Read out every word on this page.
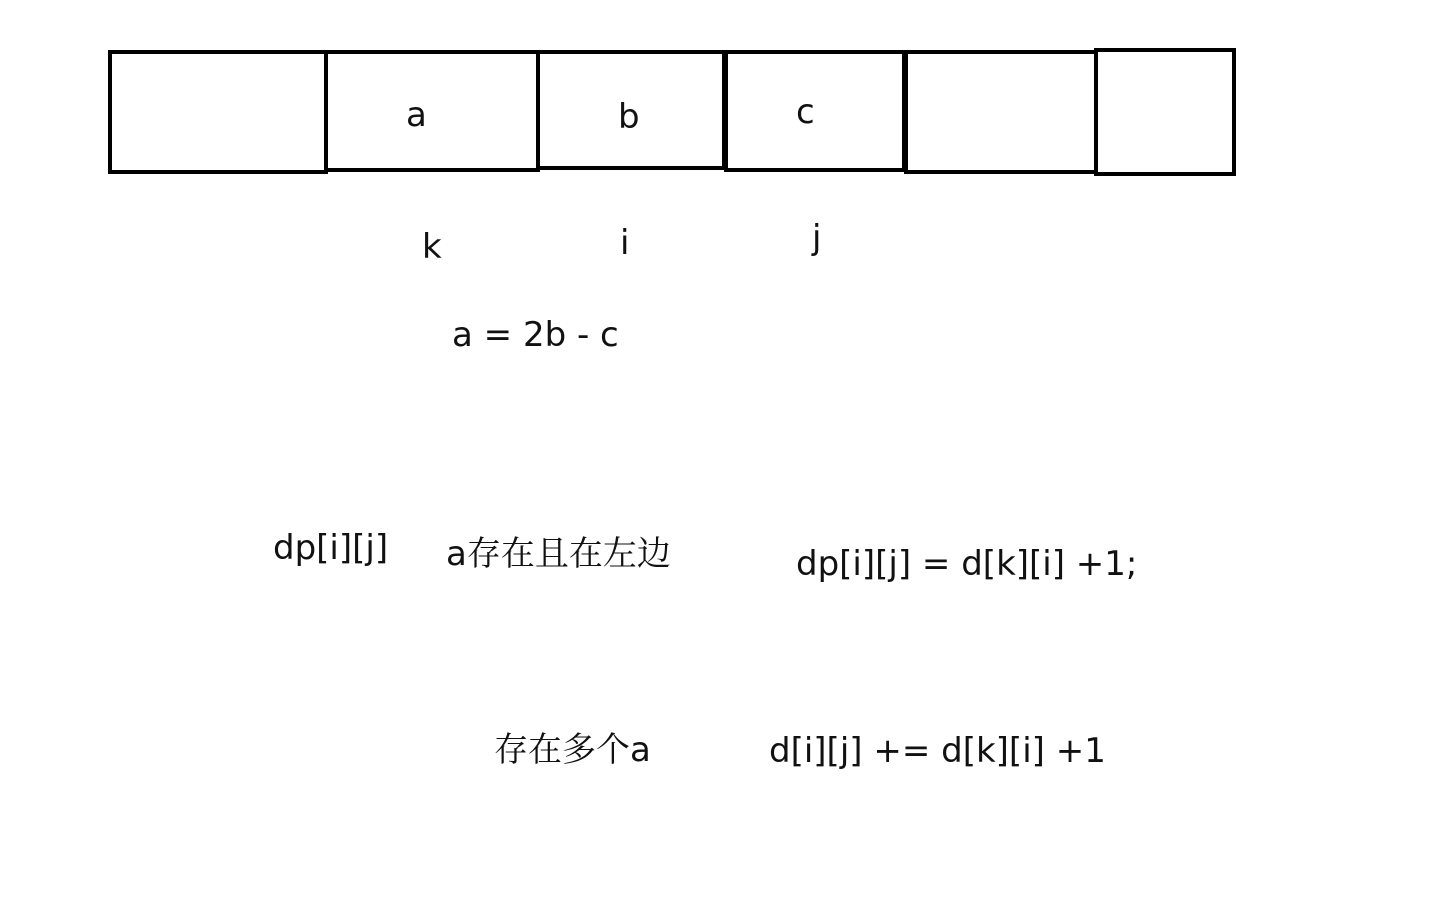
a	b	c
k	i	j
a = 2b - c
dp[i][j] a存在且在左边	dp[i][j] = d[k][i] +1;
存在多个a	d[i][j] += d[k][i] +1
